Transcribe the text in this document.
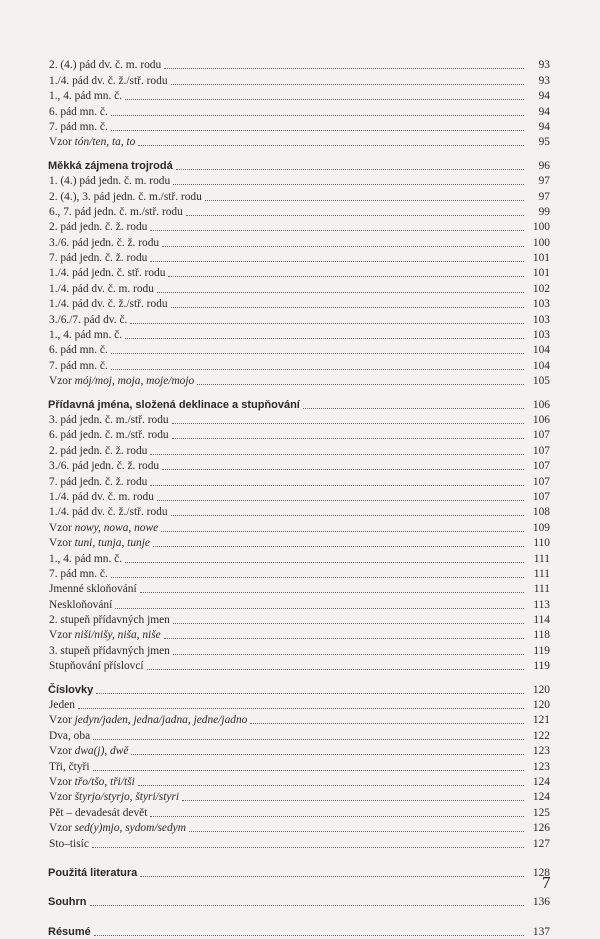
2. (4.) pád dv. č. m. rodu	93
1./4. pád dv. č. ž./stř. rodu	93
1., 4. pád mn. č.	94
6. pád mn. č.	94
7. pád mn. č.	94
Vzor tón/ten, ta, to	95
Měkká zájmena trojrodá	96
1. (4.) pád jedn. č. m. rodu	97
2. (4.), 3. pád jedn. č. m./stř. rodu	97
6., 7. pád jedn. č. m./stř. rodu	99
2. pád jedn. č. ž. rodu	100
3./6. pád jedn. č. ž. rodu	100
7. pád jedn. č. ž. rodu	101
1./4. pád jedn. č. stř. rodu	101
1./4. pád dv. č. m. rodu	102
1./4. pád dv. č. ž./stř. rodu	103
3./6./7. pád dv. č.	103
1., 4. pád mn. č.	103
6. pád mn. č.	104
7. pád mn. č.	104
Vzor mój/moj, moja, moje/mojo	105
Přídavná jména, složená deklinace a stupňování	106
3. pád jedn. č. m./stř. rodu	106
6. pád jedn. č. m./stř. rodu	107
2. pád jedn. č. ž. rodu	107
3./6. pád jedn. č. ž. rodu	107
7. pád jedn. č. ž. rodu	107
1./4. pád dv. č. m. rodu	107
1./4. pád dv. č. ž./stř. rodu	108
Vzor nowy, nowa, nowe	109
Vzor tuni, tunja, tunje	110
1., 4. pád mn. č.	111
7. pád mn. č.	111
Jmenné skloňování	111
Neskloňování	113
2. stupeň přídavných jmen	114
Vzor niši/nišy, niša, niše	118
3. stupeň přídavných jmen	119
Stupňování příslovcí	119
Číslovky	120
Jeden	120
Vzor jedyn/jaden, jedna/jadna, jedne/jadno	121
Dva, oba	122
Vzor dwa(j), dwě	123
Tři, čtyři	123
Vzor třo/tšo, tři/tši	124
Vzor štyrjo/styrjo, štyri/styri	124
Pět – devadesát devět	125
Vzor sed(y)mjo, sydom/sedym	126
Sto–tisíc	127
Použitá literatura	128
Souhrn	136
Résumé	137
7
